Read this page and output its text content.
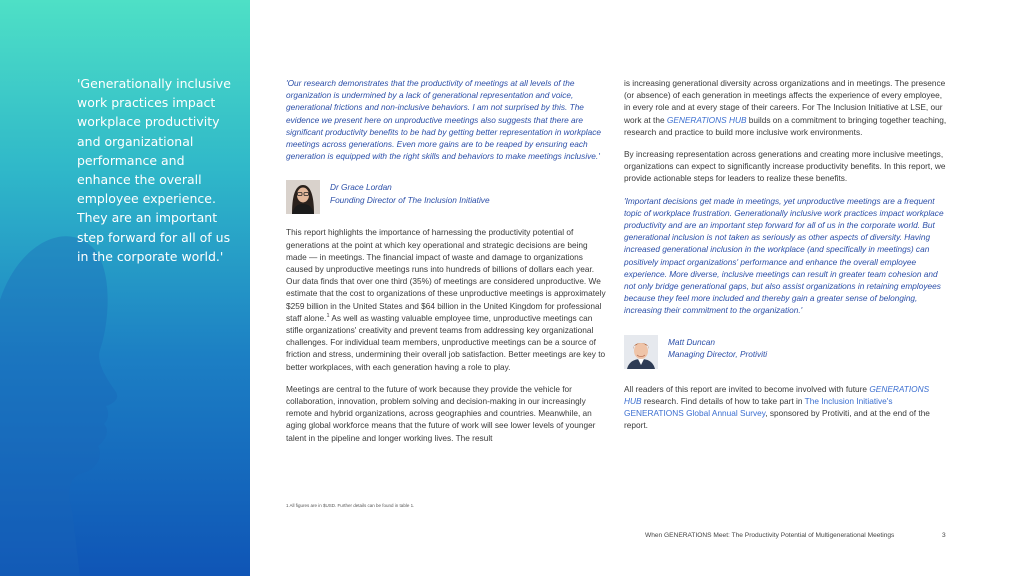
'Generationally inclusive work practices impact workplace productivity and organizational performance and enhance the overall employee experience. They are an important step forward for all of us in the corporate world.'

'Our research demonstrates that the productivity of meetings at all levels of the organization is undermined by a lack of generational representation and voice, generational frictions and non-inclusive behaviors. I am not surprised by this. The evidence we present here on unproductive meetings also suggests that there are significant productivity benefits to be had by getting better representation in workplace meetings across generations. Even more gains are to be reaped by ensuring each generation is equipped with the right skills and behaviors to make meetings inclusive.'

Dr Grace Lordan
Founding Director of The Inclusion Initiative

This report highlights the importance of harnessing the productivity potential of generations at the point at which key operational and strategic decisions are being made — in meetings. The financial impact of waste and damage to organizations caused by unproductive meetings runs into hundreds of billions of dollars each year. Our data finds that over one third (35%) of meetings are considered unproductive. We estimate that the cost to organizations of these unproductive meetings is approximately $259 billion in the United States and $64 billion in the United Kingdom for professional staff alone.$^1$ As well as wasting valuable employee time, unproductive meetings can stifle organizations' creativity and prevent teams from addressing key organizational challenges. For individual team members, unproductive meetings can be a source of friction and stress, undermining their overall job satisfaction. Better meetings are key to better workplaces, with each generation having a role to play.

Meetings are central to the future of work because they provide the vehicle for collaboration, innovation, problem solving and decision-making in our increasingly remote and hybrid organizations, across geographies and countries. Meanwhile, an aging global workforce means that the future of work will see lower levels of younger talent in the pipeline and longer working lives. The result

is increasing generational diversity across organizations and in meetings. The presence (or absence) of each generation in meetings affects the experience of every employee, in every role and at every stage of their careers. For The Inclusion Initiative at LSE, our work at the GENERATIONS HUB builds on a commitment to bringing together teaching, research and practice to build more inclusive work environments.

By increasing representation across generations and creating more inclusive meetings, organizations can expect to significantly increase productivity benefits. In this report, we provide actionable steps for leaders to realize these benefits.

'Important decisions get made in meetings, yet unproductive meetings are a frequent topic of workplace frustration. Generationally inclusive work practices impact workplace productivity and are an important step forward for all of us in the corporate world. But generational inclusion is not taken as seriously as other aspects of diversity. Having increased generational inclusion in the workplace (and specifically in meetings) can positively impact organizations' performance and enhance the overall employee experience. More diverse, inclusive meetings can result in greater team cohesion and not only bridge generational gaps, but also assist organizations in retaining employees because they feel more included and thereby gain a greater sense of belonging, increasing their commitment to the organization.'

Matt Duncan
Managing Director, Protiviti

All readers of this report are invited to become involved with future GENERATIONS HUB research. Find details of how to take part in The Inclusion Initiative's GENERATIONS Global Annual Survey, sponsored by Protiviti, and at the end of the report.

1 All figures are in $USD. Further details can be found in table 1.
When GENERATIONS Meet: The Productivity Potential of Multigenerational Meetings	3
